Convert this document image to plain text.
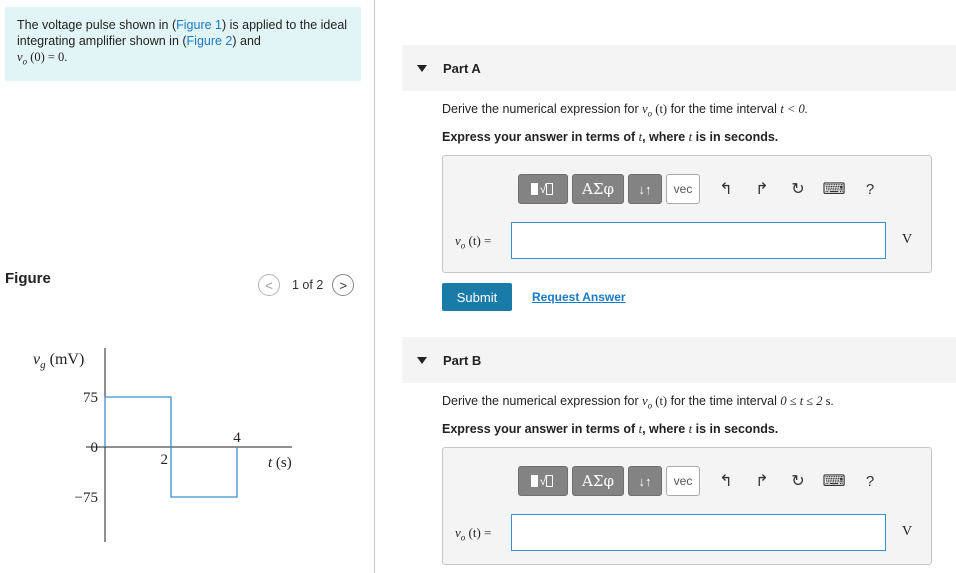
The voltage pulse shown in (Figure 1) is applied to the ideal integrating amplifier shown in (Figure 2) and
$v_o$ (0) = 0.
Figure	< 1 of 2 >
$v_g$ (mV)
t (s)
75
0
−75
2
4
Part A
Derive the numerical expression for $v_o$ (t) for the time interval t < 0.
Express your answer in terms of t, where t is in seconds.
√	ΑΣφ	↓↑	vec	↰	↱	↻	⌨	?
$v_o$ (t) =	V
Submit	Request Answer
Part B
Derive the numerical expression for $v_o$ (t) for the time interval 0 ≤ t ≤ 2 s.
Express your answer in terms of t, where t is in seconds.
√	ΑΣφ	↓↑	vec	↰	↱	↻	⌨	?
$v_o$ (t) =	V
